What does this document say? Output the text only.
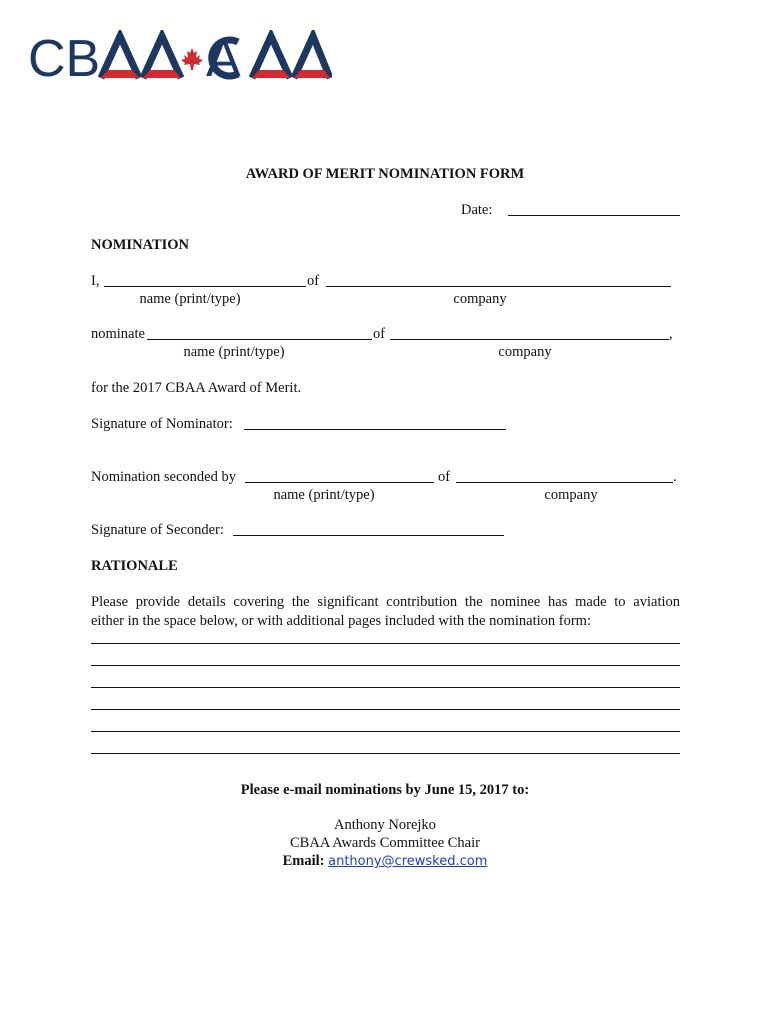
CB A
AWARD OF MERIT NOMINATION FORM
Date:
NOMINATION
I,	of
name (print/type)	company
nominate	of	,
name (print/type)	company
for the 2017 CBAA Award of Merit.
Signature of Nominator:
Nomination seconded by	of	.
name (print/type)	company
Signature of Seconder:
RATIONALE
Please provide details covering the significant contribution the nominee has made to aviation
either in the space below, or with additional pages included with the nomination form:
Please e-mail nominations by June 15, 2017 to:
Anthony Norejko
CBAA Awards Committee Chair
Email: anthony@crewsked.com
